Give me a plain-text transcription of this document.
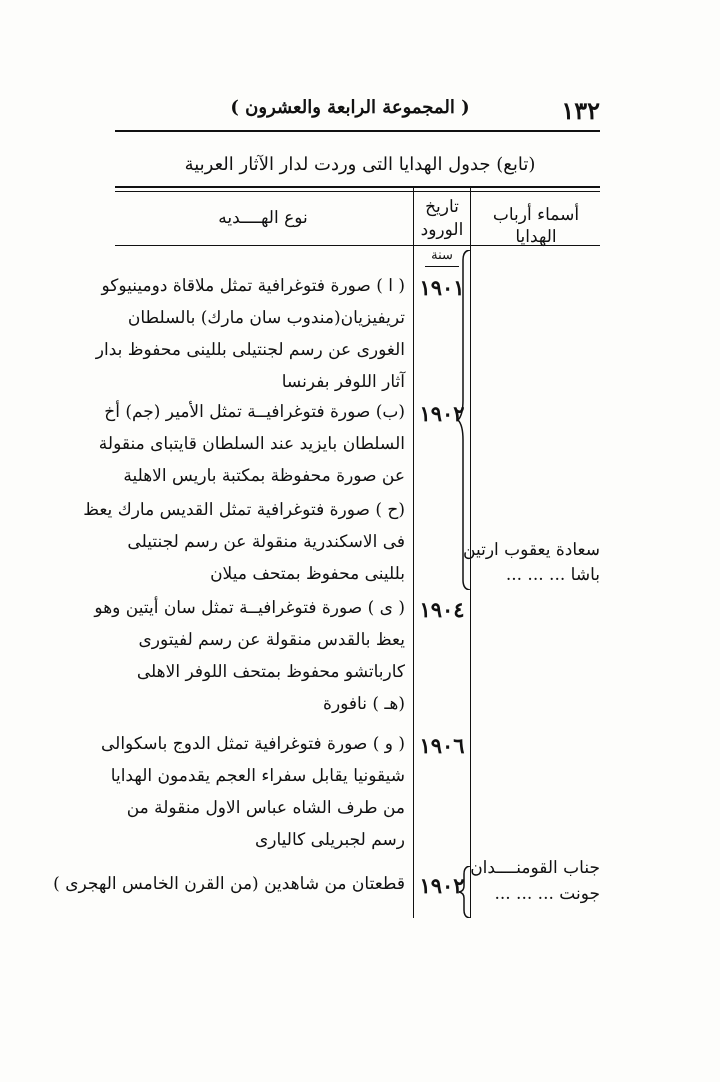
١٣٢
( المجموعة الرابعة والعشرون )
(تابع) جدول الهدايا التى وردت لدار الآثار العربية
أسماء أرباب الهدايا
تاريخ
الورود
نوع الهــــديه
سنة
١٩٠١
( ا ) صورة فتوغرافية تمثل ملاقاة دومينيوكو
تريفيزيان(مندوب سان مارك) بالسلطان
الغورى عن رسم لجنتيلى بللينى محفوظ بدار
آثار اللوفر بفرنسا
١٩٠٢
(ب) صورة فتوغرافيــة تمثل الأمير (جم) أخ
السلطان بايزيد عند السلطان قايتباى منقولة
عن صورة محفوظة بمكتبة باريس الاهلية
(ح ) صورة فتوغرافية تمثل القديس مارك يعظ
فى الاسكندرية منقولة عن رسم لجنتيلى
بللينى محفوظ بمتحف ميلان
١٩٠٤
( ى ) صورة فتوغرافيــة تمثل سان أيتين وهو
يعظ بالقدس منقولة عن رسم لفيتورى
كارباتشو محفوظ بمتحف اللوفر الاهلى
(هـ ) نافورة
١٩٠٦
( و ) صورة فتوغرافية تمثل الدوج باسكوالى
شيقونيا يقابل سفراء العجم يقدمون الهدايا
من طرف الشاه عباس الاول منقولة من
رسم لجبريلى كاليارى
١٩٠٢
قطعتان من شاهدين (من القرن الخامس الهجرى )
سعادة يعقوب ارتين
باشا ... ... ...
جناب القومنــــدان
جونت ... ... ...
